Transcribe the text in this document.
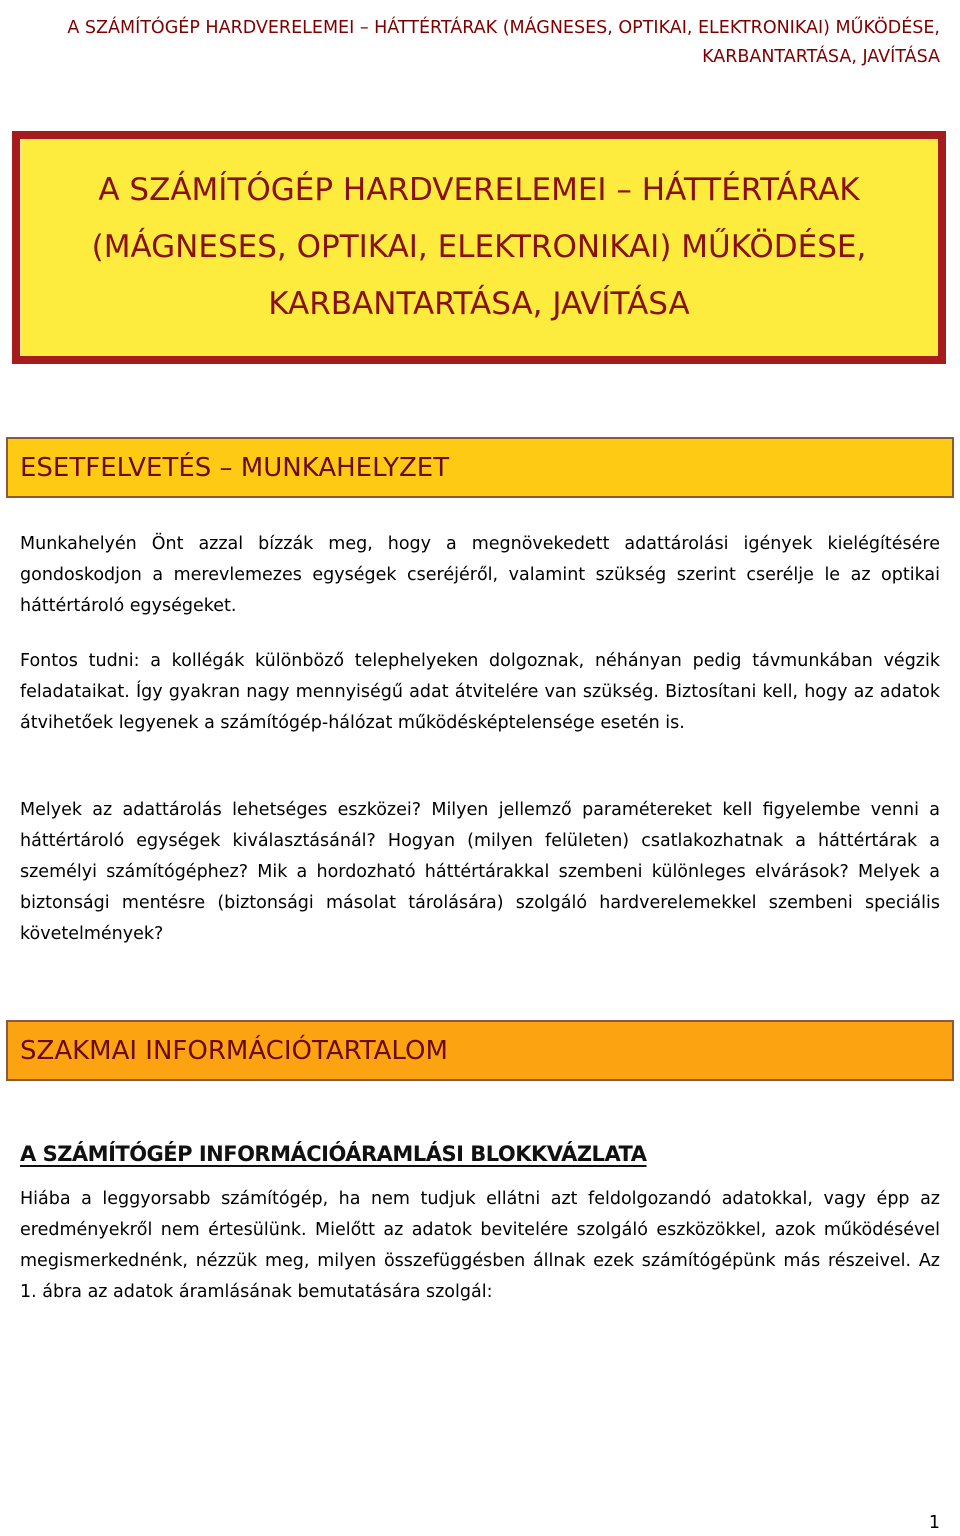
A SZÁMÍTÓGÉP HARDVERELEMEI – HÁTTÉRTÁRAK (MÁGNESES, OPTIKAI, ELEKTRONIKAI) MŰKÖDÉSE, KARBANTARTÁSA, JAVÍTÁSA
A SZÁMÍTÓGÉP HARDVERELEMEI – HÁTTÉRTÁRAK (MÁGNESES, OPTIKAI, ELEKTRONIKAI) MŰKÖDÉSE, KARBANTARTÁSA, JAVÍTÁSA
ESETFELVETÉS – MUNKAHELYZET

Munkahelyén Önt azzal bízzák meg, hogy a megnövekedett adattárolási igények kielégítésére gondoskodjon a merevlemezes egységek cseréjéről, valamint szükség szerint cserélje le az optikai háttértároló egységeket.

Fontos tudni: a kollégák különböző telephelyeken dolgoznak, néhányan pedig távmunkában végzik feladataikat. Így gyakran nagy mennyiségű adat átvitelére van szükség. Biztosítani kell, hogy az adatok átvihetőek legyenek a számítógép-hálózat működésképtelensége esetén is.

Melyek az adattárolás lehetséges eszközei? Milyen jellemző paramétereket kell figyelembe venni a háttértároló egységek kiválasztásánál? Hogyan (milyen felületen) csatlakozhatnak a háttértárak a személyi számítógéphez? Mik a hordozható háttértárakkal szembeni különleges elvárások? Melyek a biztonsági mentésre (biztonsági másolat tárolására) szolgáló hardverelemekkel szembeni speciális követelmények?

SZAKMAI INFORMÁCIÓTARTALOM
A SZÁMÍTÓGÉP INFORMÁCIÓÁRAMLÁSI BLOKKVÁZLATA

Hiába a leggyorsabb számítógép, ha nem tudjuk ellátni azt feldolgozandó adatokkal, vagy épp az eredményekről nem értesülünk. Mielőtt az adatok bevitelére szolgáló eszközökkel, azok működésével megismerkednénk, nézzük meg, milyen összefüggésben állnak ezek számítógépünk más részeivel. Az 1. ábra az adatok áramlásának bemutatására szolgál:

1
